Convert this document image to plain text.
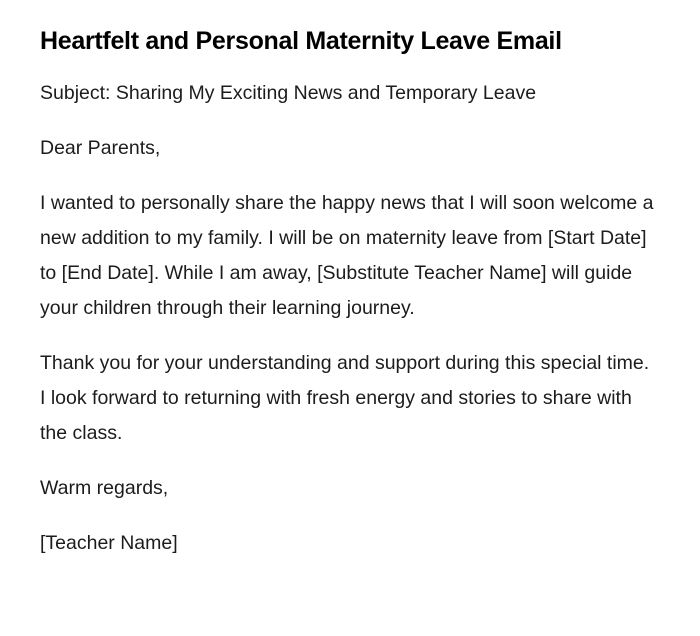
Heartfelt and Personal Maternity Leave Email

Subject: Sharing My Exciting News and Temporary Leave

Dear Parents,

I wanted to personally share the happy news that I will soon welcome a new addition to my family. I will be on maternity leave from [Start Date] to [End Date]. While I am away, [Substitute Teacher Name] will guide your children through their learning journey.

Thank you for your understanding and support during this special time. I look forward to returning with fresh energy and stories to share with the class.

Warm regards,

[Teacher Name]
